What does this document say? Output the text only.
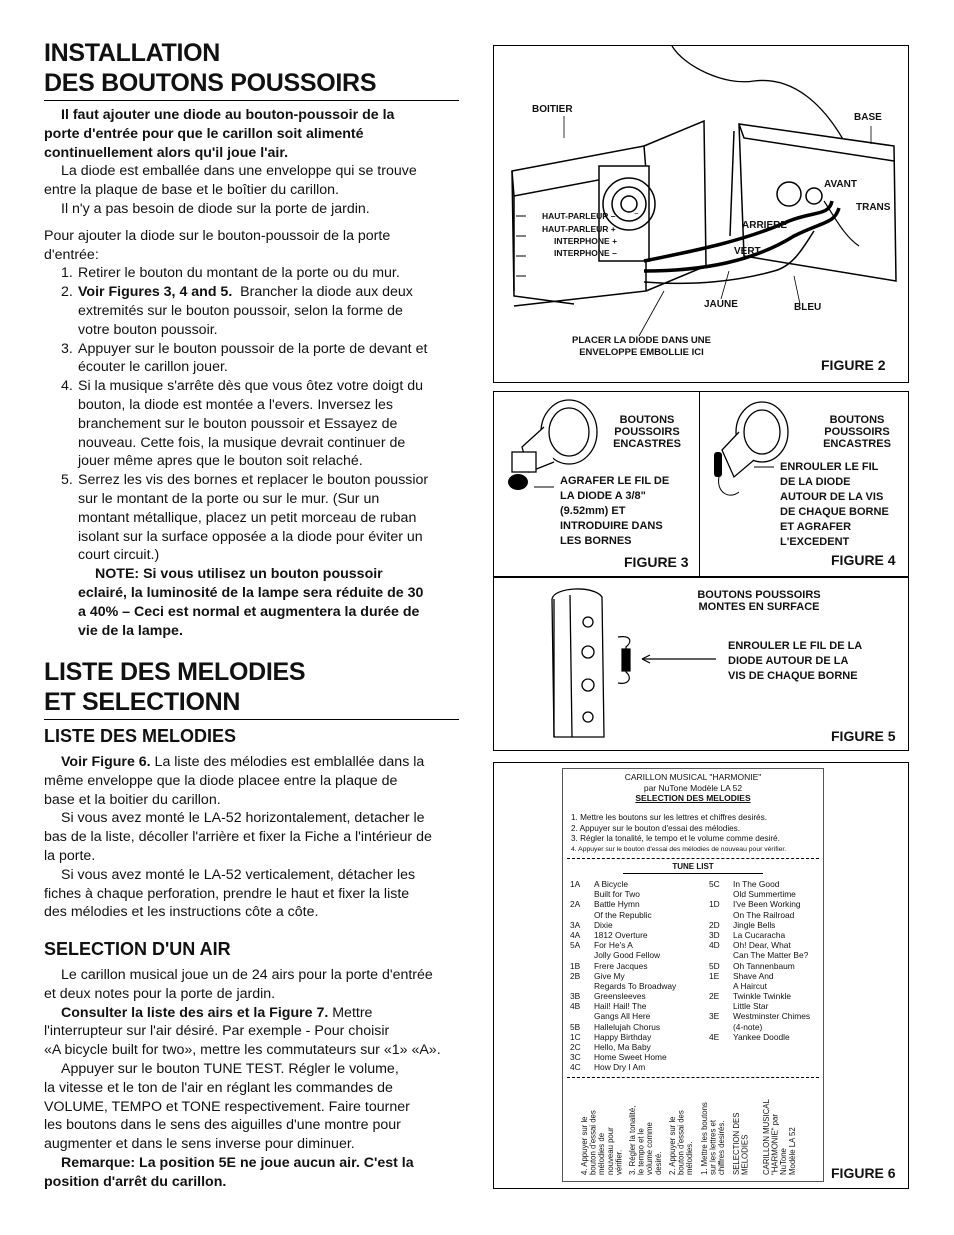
INSTALLATION
DES BOUTONS POUSSOIRS

Il faut ajouter une diode au bouton-poussoir de la

porte d'entrée pour que le carillon soit alimenté

continuellement alors qu'il joue l'air.

La diode est emballée dans une enveloppe qui se trouve

entre la plaque de base et le boîtier du carillon.

Il n'y a pas besoin de diode sur la porte de jardin.

Pour ajouter la diode sur le bouton-poussoir de la porte

d'entrée:

1. Retirer le bouton du montant de la porte ou du mur.
2. Voir Figures 3, 4 and 5.  Brancher la diode aux deux
extremités sur le bouton poussoir, selon la forme de
votre bouton poussoir.
3. Appuyer sur le bouton poussoir de la porte de devant et
écouter le carillon jouer.
4. Si la musique s'arrête dès que vous ôtez votre doigt du
bouton, la diode est montée a l'evers. Inversez les
branchement sur le bouton poussoir et Essayez de
nouveau. Cette fois, la musique devrait continuer de
jouer même apres que le bouton soit relaché.
5. Serrez les vis des bornes et replacer le bouton poussior
sur le montant de la porte ou sur le mur. (Sur un
montant métallique, placez un petit morceau de ruban
isolant sur la surface opposée a la diode pour éviter un
court circuit.)

NOTE: Si vous utilisez un bouton poussoir

eclairé, la luminosité de la lampe sera réduite de 30

a 40% – Ceci est normal et augmentera la durée de

vie de la lampe.

LISTE DES MELODIES
ET SELECTIONN
LISTE DES MELODIES

Voir Figure 6. La liste des mélodies est emblallée dans la

même enveloppe que la diode placee entre la plaque de

base et la boitier du carillon.

Si vous avez monté le LA-52 horizontalement, detacher le

bas de la liste, décoller l'arrière et fixer la Fiche a l'intérieur de

la porte.

Si vous avez monté le LA-52 verticalement, détacher les

fiches à chaque perforation, prendre le haut et fixer la liste

des mélodies et les instructions côte a côte.

SELECTION D'UN AIR

Le carillon musical joue un de 24 airs pour la porte d'entrée

et deux notes pour la porte de jardin.

Consulter la liste des airs et la Figure 7. Mettre

l'interrupteur sur l'air désiré. Par exemple - Pour choisir

«A bicycle built for two», mettre les commutateurs sur «1» «A».

Appuyer sur le bouton TUNE TEST. Régler le volume,

la vitesse et le ton de l'air en réglant les commandes de

VOLUME, TEMPO et TONE respectivement. Faire tourner

les boutons dans le sens des aiguilles d'une montre pour

augmenter et dans le sens inverse pour diminuer.

Remarque: La position 5E ne joue aucun air. C'est la

position d'arrêt du carillon.

−
BOITIER
BASE
AVANT
TRANS
ARRIERE
VERT
JAUNE	BLEU
HAUT-PARLEUR –
HAUT-PARLEUR +
INTERPHONE +
INTERPHONE –
PLACER LA DIODE DANS UNE
ENVELOPPE EMBOLLIE ICI
FIGURE 2
BOUTONS
POUSSOIRS
ENCASTRES
AGRAFER LE FIL DE
LA DIODE A 3/8"
(9.52mm) ET
INTRODUIRE DANS
LES BORNES
FIGURE 3
BOUTONS
POUSSOIRS
ENCASTRES
ENROULER LE FIL
DE LA DIODE
AUTOUR DE LA VIS
DE CHAQUE BORNE
ET AGRAFER
L'EXCEDENT
FIGURE 4
BOUTONS POUSSOIRS
MONTES EN SURFACE
ENROULER LE FIL DE LA
DIODE AUTOUR DE LA
VIS DE CHAQUE BORNE
FIGURE 5
CARILLON MUSICAL "HARMONIE"
par NuTone Modèle LA 52
SELECTION DES MELODIES
1. Mettre les boutons sur les lettres et chiffres desirés.
2. Appuyer sur le bouton d'essai des mélodies.
3. Régler la tonalité, le tempo et le volume comme desiré.
4. Appuyer sur le bouton d'essai des mélodies de nouveau pour vérifier.
TUNE LIST
1A A Bicycle
Built for Two
2A Battle Hymn
Of the Republic
3A Dixie
4A 1812 Overture
5A For He's A
Jolly Good Fellow
1B Frere Jacques
2B Give My
Regards To Broadway
3B Greensleeves
4B Hail! Hail! The
Gangs All Here
5B Hallelujah Chorus
1C Happy Birthday
2C Hello, Ma Baby
3C Home Sweet Home
4C How Dry I Am
5C In The Good
Old Summertime
1D I've Been Working
On The Railroad
2D Jingle Bells
3D La Cucaracha
4D Oh! Dear, What
Can The Matter Be?
5D Oh Tannenbaum
1E Shave And
A Haircut
2E Twinkle Twinkle
Little Star
3E Westminster Chimes
(4-note)
4E Yankee Doodle
CARILLON MUSICAL "HARMONIE" par NuTone Modèle LA 52
SELECTION DES MELODIES
1. Mettre les boutons sur les lettres et chiffres desirés.
2. Appuyer sur le bouton d'essai des mélodies.
3. Régler la tonalité, le tempo et le volume comme desiré.
4. Appuyer sur le bouton d'essai des mélodies de nouveau pour vérifier.	FIGURE 6
